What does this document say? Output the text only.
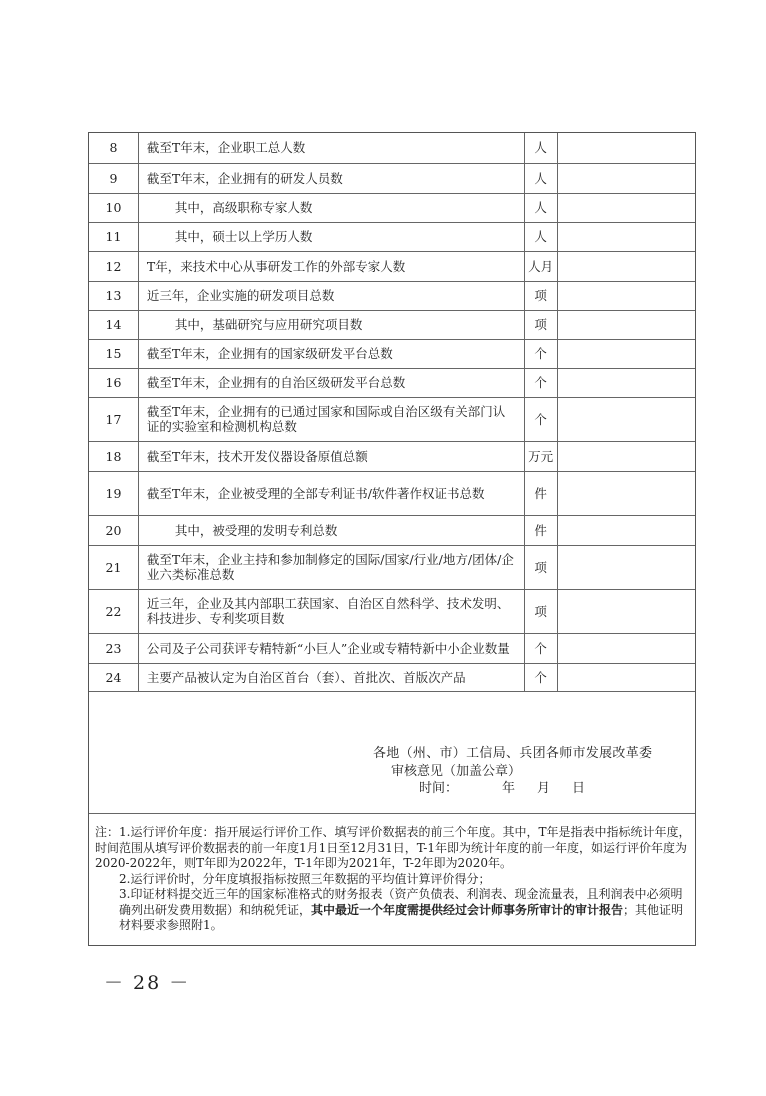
8	截至T年末，企业职工总人数	人	
9	截至T年末，企业拥有的研发人员数	人	
10	其中，高级职称专家人数	人	
11	其中，硕士以上学历人数	人	
12	T年，来技术中心从事研发工作的外部专家人数	人月	
13	近三年，企业实施的研发项目总数	项	
14	其中，基础研究与应用研究项目数	项	
15	截至T年末，企业拥有的国家级研发平台总数	个	
16	截至T年末，企业拥有的自治区级研发平台总数	个	
17	截至T年末，企业拥有的已通过国家和国际或自治区级有关部门认证的实验室和检测机构总数	个	
18	截至T年末，技术开发仪器设备原值总额	万元	
19	截至T年末，企业被受理的全部专利证书/软件著作权证书总数	件	
20	其中，被受理的发明专利总数	件	
21	截至T年末，企业主持和参加制修定的国际/国家/行业/地方/团体/企业六类标准总数	项	
22	近三年，企业及其内部职工获国家、自治区自然科学、技术发明、科技进步、专利奖项目数	项	
23	公司及子公司获评专精特新“小巨人”企业或专精特新中小企业数量	个	
24	主要产品被认定为自治区首台（套）、首批次、首版次产品	个	
各地（州、市）工信局、兵团各师市发展改革委
审核意见（加盖公章）
时间：	年 月 日

注：1.运行评价年度：指开展运行评价工作、填写评价数据表的前三个年度。其中，T年是指表中指标统计年度，时间范围从填写评价数据表的前一年度1月1日至12月31日，T-1年即为统计年度的前一年度，如运行评价年度为2020-2022年，则T年即为2022年，T-1年即为2021年，T-2年即为2020年。

2.运行评价时，分年度填报指标按照三年数据的平均值计算评价得分；

3.印证材料提交近三年的国家标准格式的财务报表（资产负债表、利润表、现金流量表，且利润表中必须明确列出研发费用数据）和纳税凭证，其中最近一个年度需提供经过会计师事务所审计的审计报告；其他证明材料要求参照附1。

－ 28 －
